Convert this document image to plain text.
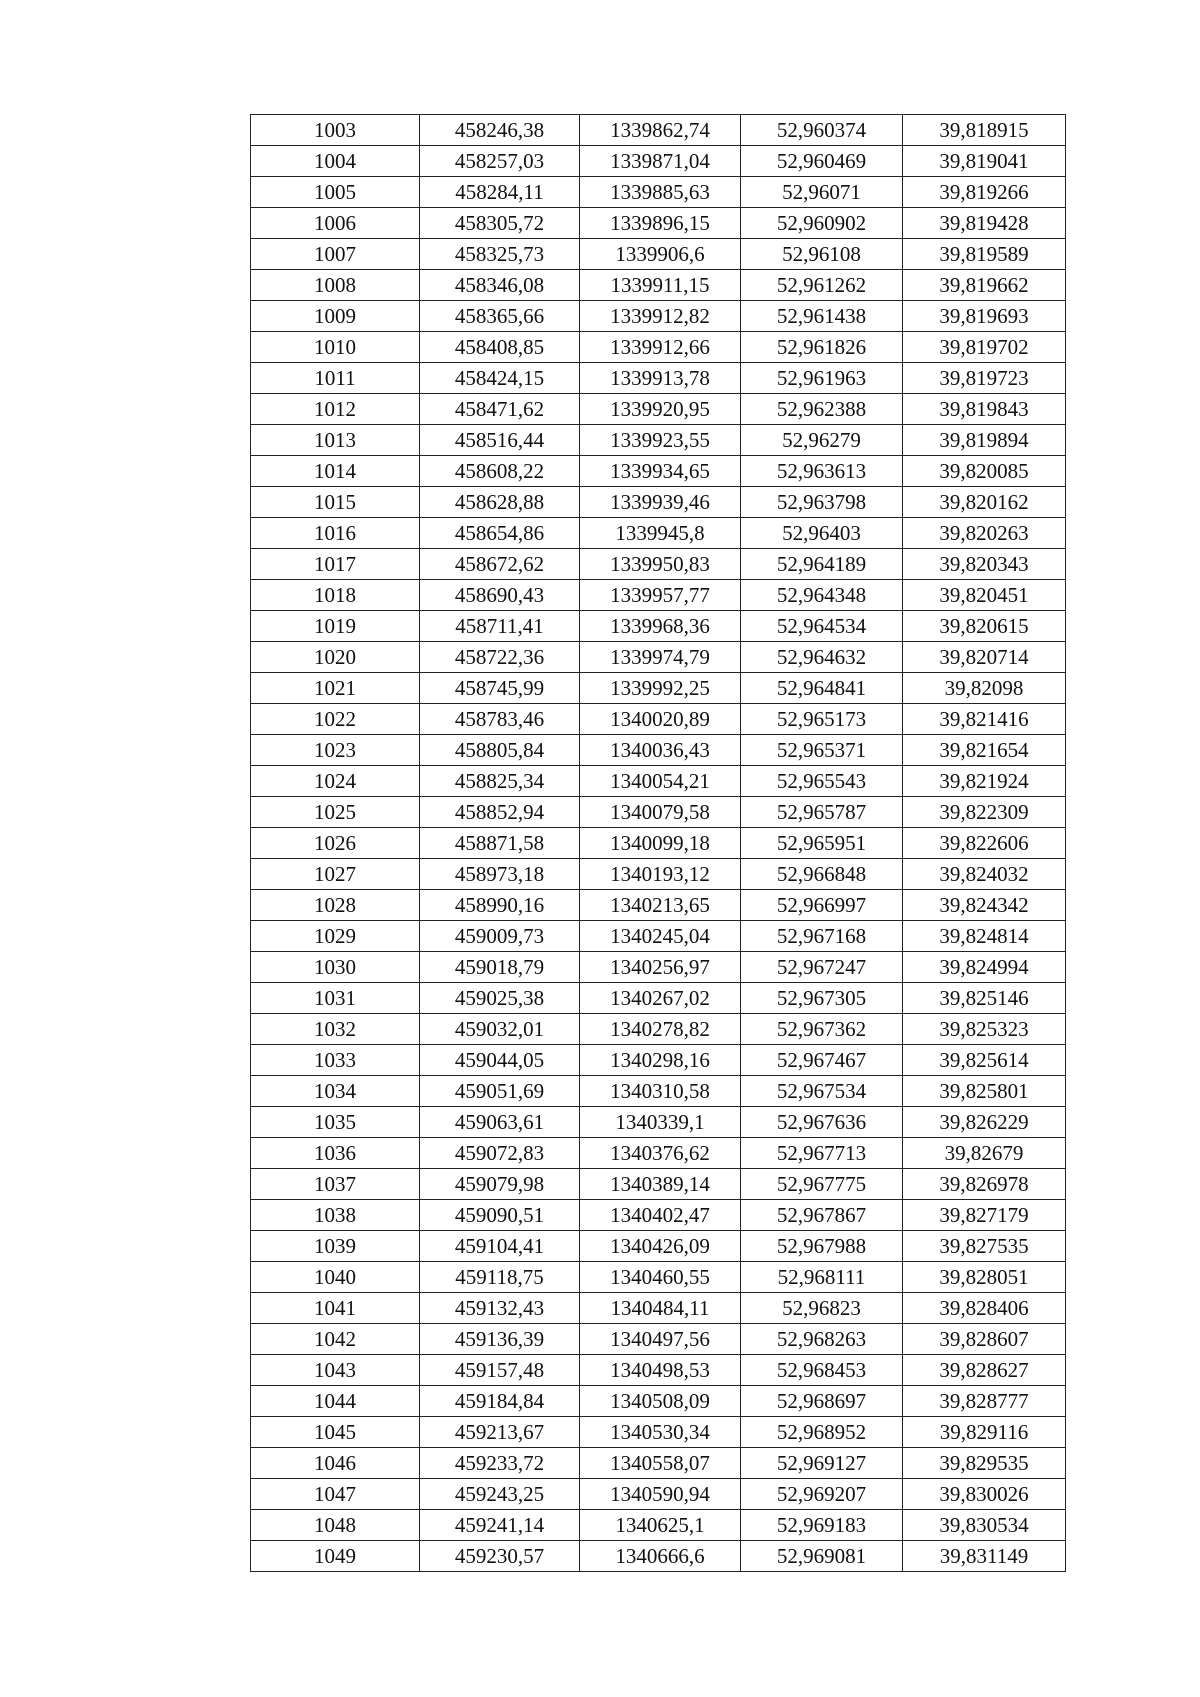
1003	458246,38	1339862,74	52,960374	39,818915
1004	458257,03	1339871,04	52,960469	39,819041
1005	458284,11	1339885,63	52,96071	39,819266
1006	458305,72	1339896,15	52,960902	39,819428
1007	458325,73	1339906,6	52,96108	39,819589
1008	458346,08	1339911,15	52,961262	39,819662
1009	458365,66	1339912,82	52,961438	39,819693
1010	458408,85	1339912,66	52,961826	39,819702
1011	458424,15	1339913,78	52,961963	39,819723
1012	458471,62	1339920,95	52,962388	39,819843
1013	458516,44	1339923,55	52,96279	39,819894
1014	458608,22	1339934,65	52,963613	39,820085
1015	458628,88	1339939,46	52,963798	39,820162
1016	458654,86	1339945,8	52,96403	39,820263
1017	458672,62	1339950,83	52,964189	39,820343
1018	458690,43	1339957,77	52,964348	39,820451
1019	458711,41	1339968,36	52,964534	39,820615
1020	458722,36	1339974,79	52,964632	39,820714
1021	458745,99	1339992,25	52,964841	39,82098
1022	458783,46	1340020,89	52,965173	39,821416
1023	458805,84	1340036,43	52,965371	39,821654
1024	458825,34	1340054,21	52,965543	39,821924
1025	458852,94	1340079,58	52,965787	39,822309
1026	458871,58	1340099,18	52,965951	39,822606
1027	458973,18	1340193,12	52,966848	39,824032
1028	458990,16	1340213,65	52,966997	39,824342
1029	459009,73	1340245,04	52,967168	39,824814
1030	459018,79	1340256,97	52,967247	39,824994
1031	459025,38	1340267,02	52,967305	39,825146
1032	459032,01	1340278,82	52,967362	39,825323
1033	459044,05	1340298,16	52,967467	39,825614
1034	459051,69	1340310,58	52,967534	39,825801
1035	459063,61	1340339,1	52,967636	39,826229
1036	459072,83	1340376,62	52,967713	39,82679
1037	459079,98	1340389,14	52,967775	39,826978
1038	459090,51	1340402,47	52,967867	39,827179
1039	459104,41	1340426,09	52,967988	39,827535
1040	459118,75	1340460,55	52,968111	39,828051
1041	459132,43	1340484,11	52,96823	39,828406
1042	459136,39	1340497,56	52,968263	39,828607
1043	459157,48	1340498,53	52,968453	39,828627
1044	459184,84	1340508,09	52,968697	39,828777
1045	459213,67	1340530,34	52,968952	39,829116
1046	459233,72	1340558,07	52,969127	39,829535
1047	459243,25	1340590,94	52,969207	39,830026
1048	459241,14	1340625,1	52,969183	39,830534
1049	459230,57	1340666,6	52,969081	39,831149
